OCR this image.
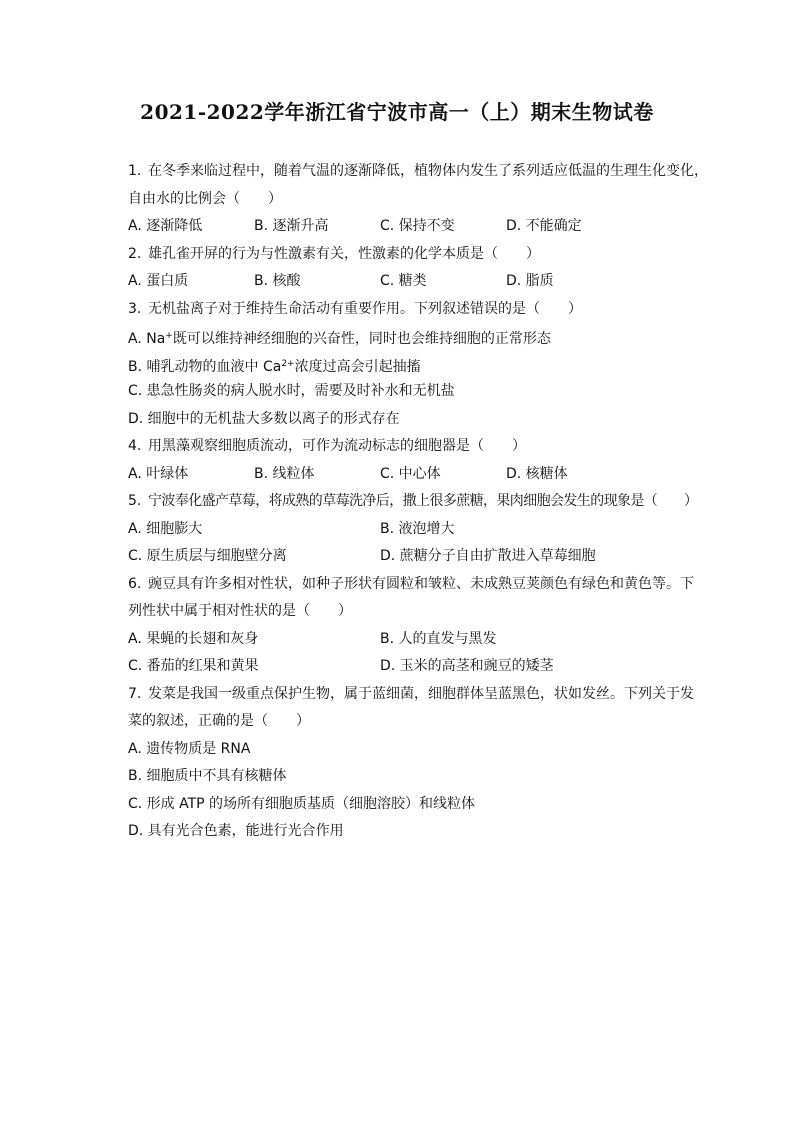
2021-2022学年浙江省宁波市高一（上）期末生物试卷
1. 在冬季来临过程中，随着气温的逐渐降低，植物体内发生了系列适应低温的生理生化变化，
自由水的比例会（　　）
A. 逐渐降低	B. 逐渐升高	C. 保持不变	D. 不能确定
2. 雄孔雀开屏的行为与性激素有关，性激素的化学本质是（　　）
A. 蛋白质	B. 核酸	C. 糖类	D. 脂质
3. 无机盐离子对于维持生命活动有重要作用。下列叙述错误的是（　　）
A. Na+既可以维持神经细胞的兴奋性，同时也会维持细胞的正常形态
B. 哺乳动物的血液中 $Ca^{2+}$浓度过高会引起抽搐
C. 患急性肠炎的病人脱水时，需要及时补水和无机盐
D. 细胞中的无机盐大多数以离子的形式存在
4. 用黑藻观察细胞质流动，可作为流动标志的细胞器是（　　）
A. 叶绿体	B. 线粒体	C. 中心体	D. 核糖体
5. 宁波奉化盛产草莓，将成熟的草莓洗净后，撒上很多蔗糖，果肉细胞会发生的现象是（　　）
A. 细胞膨大	B. 液泡增大
C. 原生质层与细胞壁分离	D. 蔗糖分子自由扩散进入草莓细胞
6. 豌豆具有许多相对性状，如种子形状有圆粒和皱粒、未成熟豆荚颜色有绿色和黄色等。下
列性状中属于相对性状的是（　　）
A. 果蝇的长翅和灰身	B. 人的直发与黑发
C. 番茄的红果和黄果	D. 玉米的高茎和豌豆的矮茎
7. 发菜是我国一级重点保护生物，属于蓝细菌，细胞群体呈蓝黑色，状如发丝。下列关于发
菜的叙述，正确的是（　　）
A. 遗传物质是 RNA
B. 细胞质中不具有核糖体
C. 形成 ATP 的场所有细胞质基质（细胞溶胶）和线粒体
D. 具有光合色素，能进行光合作用
